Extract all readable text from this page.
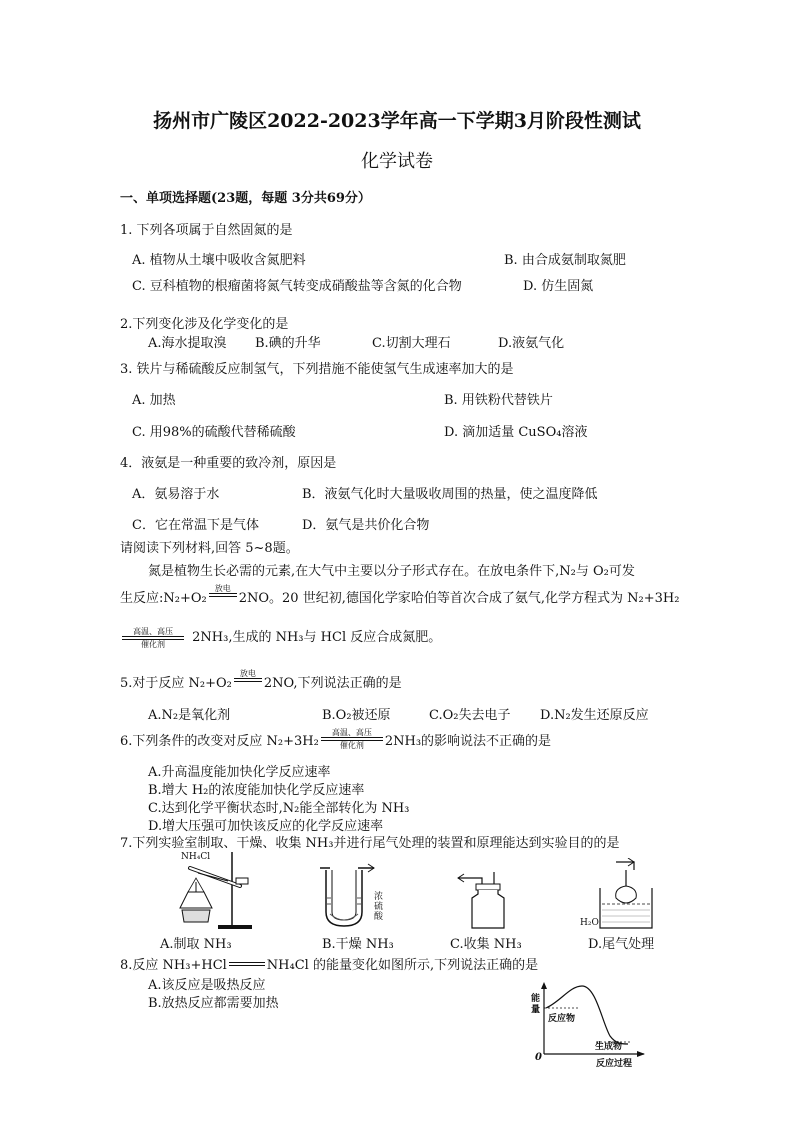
扬州市广陵区2022-2023学年高一下学期3月阶段性测试
化学试卷
一、单项选择题(23题，每题 3分共69分）
1. 下列各项属于自然固氮的是
A. 植物从土壤中吸收含氮肥料	B. 由合成氨制取氮肥
C. 豆科植物的根瘤菌将氮气转变成硝酸盐等含氮的化合物	D. 仿生固氮
2.下列变化涉及化学变化的是
A.海水提取溴 B.碘的升华	C.切割大理石	D.液氨气化
3. 铁片与稀硫酸反应制氢气，下列措施不能使氢气生成速率加大的是
A. 加热	B. 用铁粉代替铁片
C. 用98%的硫酸代替稀硫酸	D. 滴加适量 CuSO₄溶液
4．液氨是一种重要的致冷剂，原因是
A．氨易溶于水	B．液氨气化时大量吸收周围的热量，使之温度降低
C．它在常温下是气体	D．氨气是共价化合物
请阅读下列材料,回答 5~8题。
氮是植物生长必需的元素,在大气中主要以分子形式存在。在放电条件下,N₂与 O₂可发
生反应:N₂+O₂
放电

2NO。20 世纪初,德国化学家哈伯等首次合成了氨气,化学方程式为 N₂+3H₂
高温、高压
催化剂	2NH₃,生成的 NH₃与 HCl 反应合成氮肥。
5.对于反应 N₂+O₂
放电

2NO,下列说法正确的是
A.N₂是氧化剂	B.O₂被还原	C.O₂失去电子 D.N₂发生还原反应
6.下列条件的改变对反应 N₂+3H₂
高温、高压
催化剂	2NH₃的影响说法不正确的是
A.升高温度能加快化学反应速率
B.增大 H₂的浓度能加快化学反应速率
C.达到化学平衡状态时,N₂能全部转化为 NH₃
D.增大压强可加快该反应的化学反应速率
7.下列实验室制取、干燥、收集 NH₃并进行尾气处理的装置和原理能达到实验目的的是
NH₄Cl
A.制取 NH₃
浓硫酸
B.干燥 NH₃	C.收集 NH₃
H₂O
D.尾气处理
8.反应 NH₃+HCl	NH₄Cl 的能量变化如图所示,下列说法正确的是
A.该反应是吸热反应
B.放热反应都需要加热	能量
反应物
生成物
0
反应过程
